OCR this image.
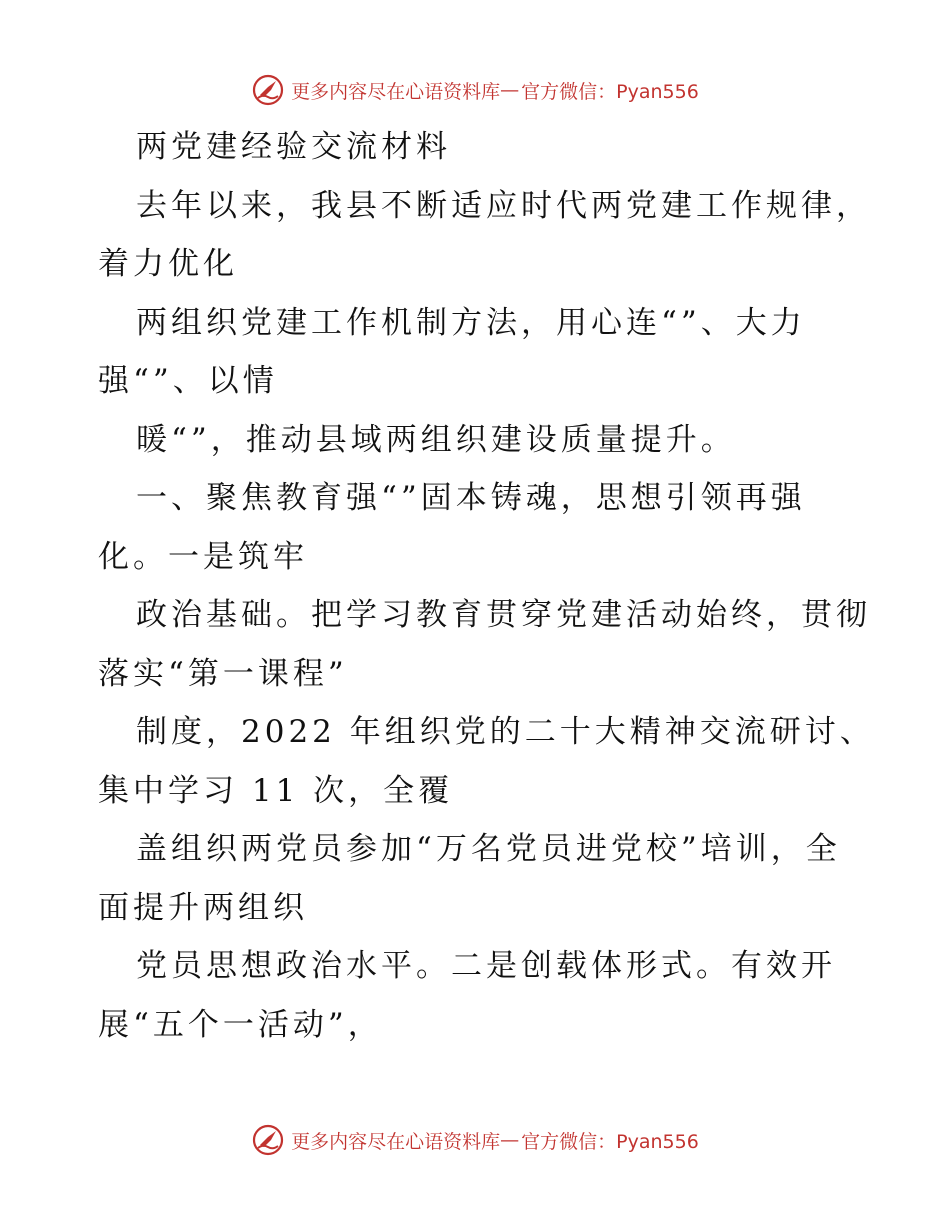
更多内容尽在心语资料库 — 官方微信：Pyan556
两党建经验交流材料
去年以来，我县不断适应时代两党建工作规律，
着力优化
两组织党建工作机制方法，用心连“”、大力
强“”、以情
暖“”，推动县域两组织建设质量提升。
一、聚焦教育强“”固本铸魂，思想引领再强
化。一是筑牢
政治基础。把学习教育贯穿党建活动始终，贯彻
落实“第一课程”
制度，2022 年组织党的二十大精神交流研讨、
集中学习 11 次，全覆
盖组织两党员参加“万名党员进党校”培训，全
面提升两组织
党员思想政治水平。二是创载体形式。有效开
展“五个一活动”，
更多内容尽在心语资料库 — 官方微信：Pyan556
